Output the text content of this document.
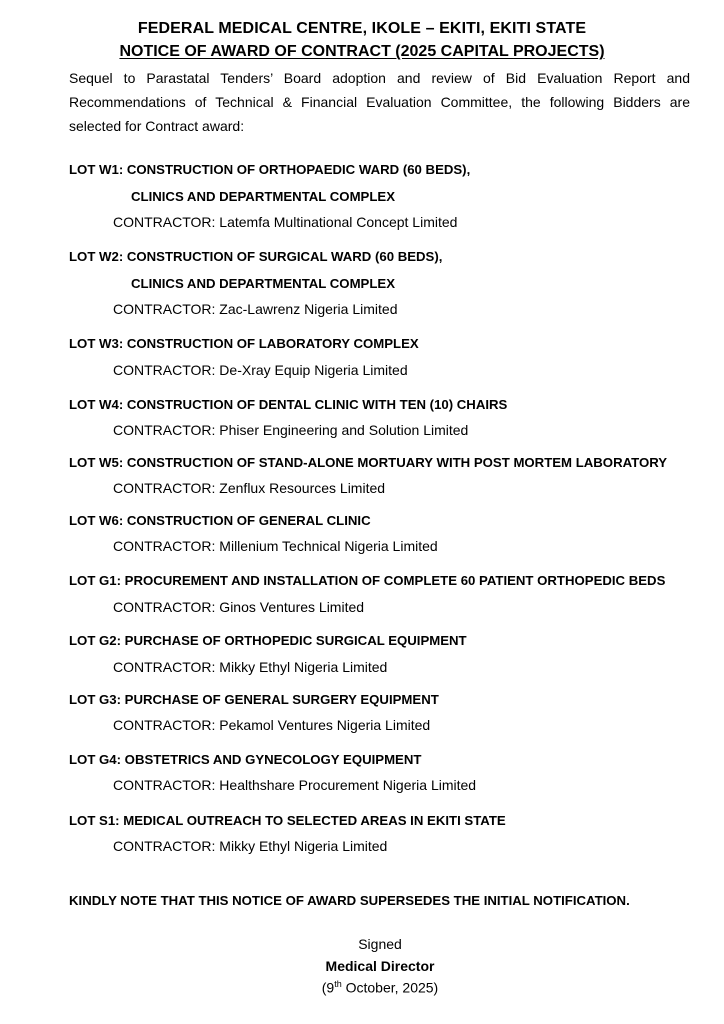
FEDERAL MEDICAL CENTRE, IKOLE – EKITI, EKITI STATE
NOTICE OF AWARD OF CONTRACT (2025 CAPITAL PROJECTS)
Sequel to Parastatal Tenders’ Board adoption and review of Bid Evaluation Report and Recommendations of Technical & Financial Evaluation Committee, the following Bidders are selected for Contract award:
LOT W1: CONSTRUCTION OF ORTHOPAEDIC WARD (60 BEDS),
CLINICS AND DEPARTMENTAL COMPLEX
CONTRACTOR: Latemfa Multinational Concept Limited
LOT W2: CONSTRUCTION OF SURGICAL WARD (60 BEDS),
CLINICS AND DEPARTMENTAL COMPLEX
CONTRACTOR: Zac-Lawrenz Nigeria Limited
LOT W3: CONSTRUCTION OF LABORATORY COMPLEX
CONTRACTOR: De-Xray Equip Nigeria Limited
LOT W4: CONSTRUCTION OF DENTAL CLINIC WITH TEN (10) CHAIRS
CONTRACTOR: Phiser Engineering and Solution Limited
LOT W5: CONSTRUCTION OF STAND-ALONE MORTUARY WITH POST MORTEM LABORATORY
CONTRACTOR: Zenflux Resources Limited
LOT W6: CONSTRUCTION OF GENERAL CLINIC
CONTRACTOR: Millenium Technical Nigeria Limited
LOT G1: PROCUREMENT AND INSTALLATION OF COMPLETE 60 PATIENT ORTHOPEDIC BEDS
CONTRACTOR: Ginos Ventures Limited
LOT G2: PURCHASE OF ORTHOPEDIC SURGICAL EQUIPMENT
CONTRACTOR: Mikky Ethyl Nigeria Limited
LOT G3: PURCHASE OF GENERAL SURGERY EQUIPMENT
CONTRACTOR: Pekamol Ventures Nigeria Limited
LOT G4: OBSTETRICS AND GYNECOLOGY EQUIPMENT
CONTRACTOR: Healthshare Procurement Nigeria Limited
LOT S1: MEDICAL OUTREACH TO SELECTED AREAS IN EKITI STATE
CONTRACTOR: Mikky Ethyl Nigeria Limited
KINDLY NOTE THAT THIS NOTICE OF AWARD SUPERSEDES THE INITIAL NOTIFICATION.
Signed
Medical Director
(9th October, 2025)
